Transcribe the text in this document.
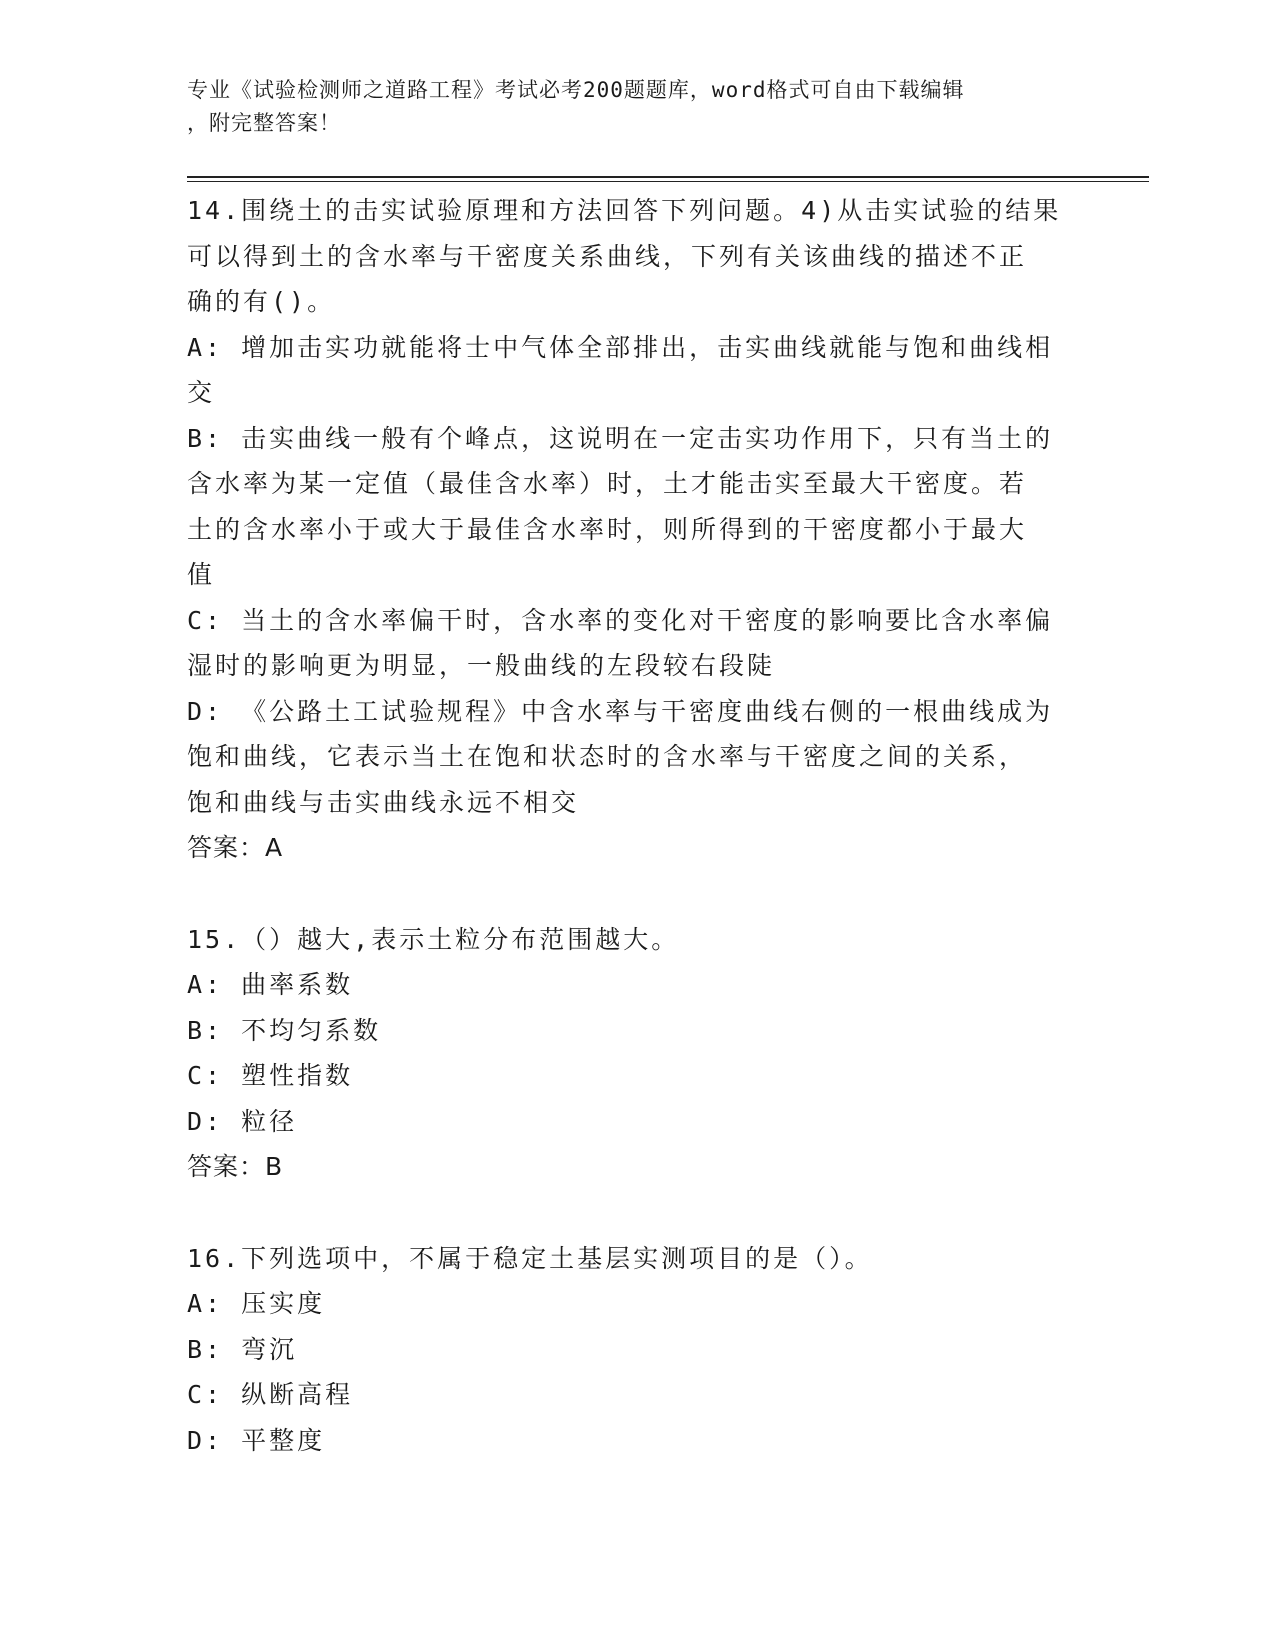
专业《试验检测师之道路工程》考试必考200题题库，word格式可自由下载编辑
，附完整答案！
14.围绕土的击实试验原理和方法回答下列问题。4)从击实试验的结果
可以得到土的含水率与干密度关系曲线，下列有关该曲线的描述不正
确的有()。
A: 增加击实功就能将士中气体全部排出，击实曲线就能与饱和曲线相
交
B: 击实曲线一般有个峰点，这说明在一定击实功作用下，只有当土的
含水率为某一定值（最佳含水率）时，土才能击实至最大干密度。若
土的含水率小于或大于最佳含水率时，则所得到的干密度都小于最大
值
C: 当土的含水率偏干时，含水率的变化对干密度的影响要比含水率偏
湿时的影响更为明显，一般曲线的左段较右段陡
D: 《公路土工试验规程》中含水率与干密度曲线右侧的一根曲线成为
饱和曲线，它表示当土在饱和状态时的含水率与干密度之间的关系，
饱和曲线与击实曲线永远不相交
答案：A
15.（）越大,表示土粒分布范围越大。
A: 曲率系数
B: 不均匀系数
C: 塑性指数
D: 粒径
答案：B
16.下列选项中，不属于稳定土基层实测项目的是（）。
A: 压实度
B: 弯沉
C: 纵断高程
D: 平整度
